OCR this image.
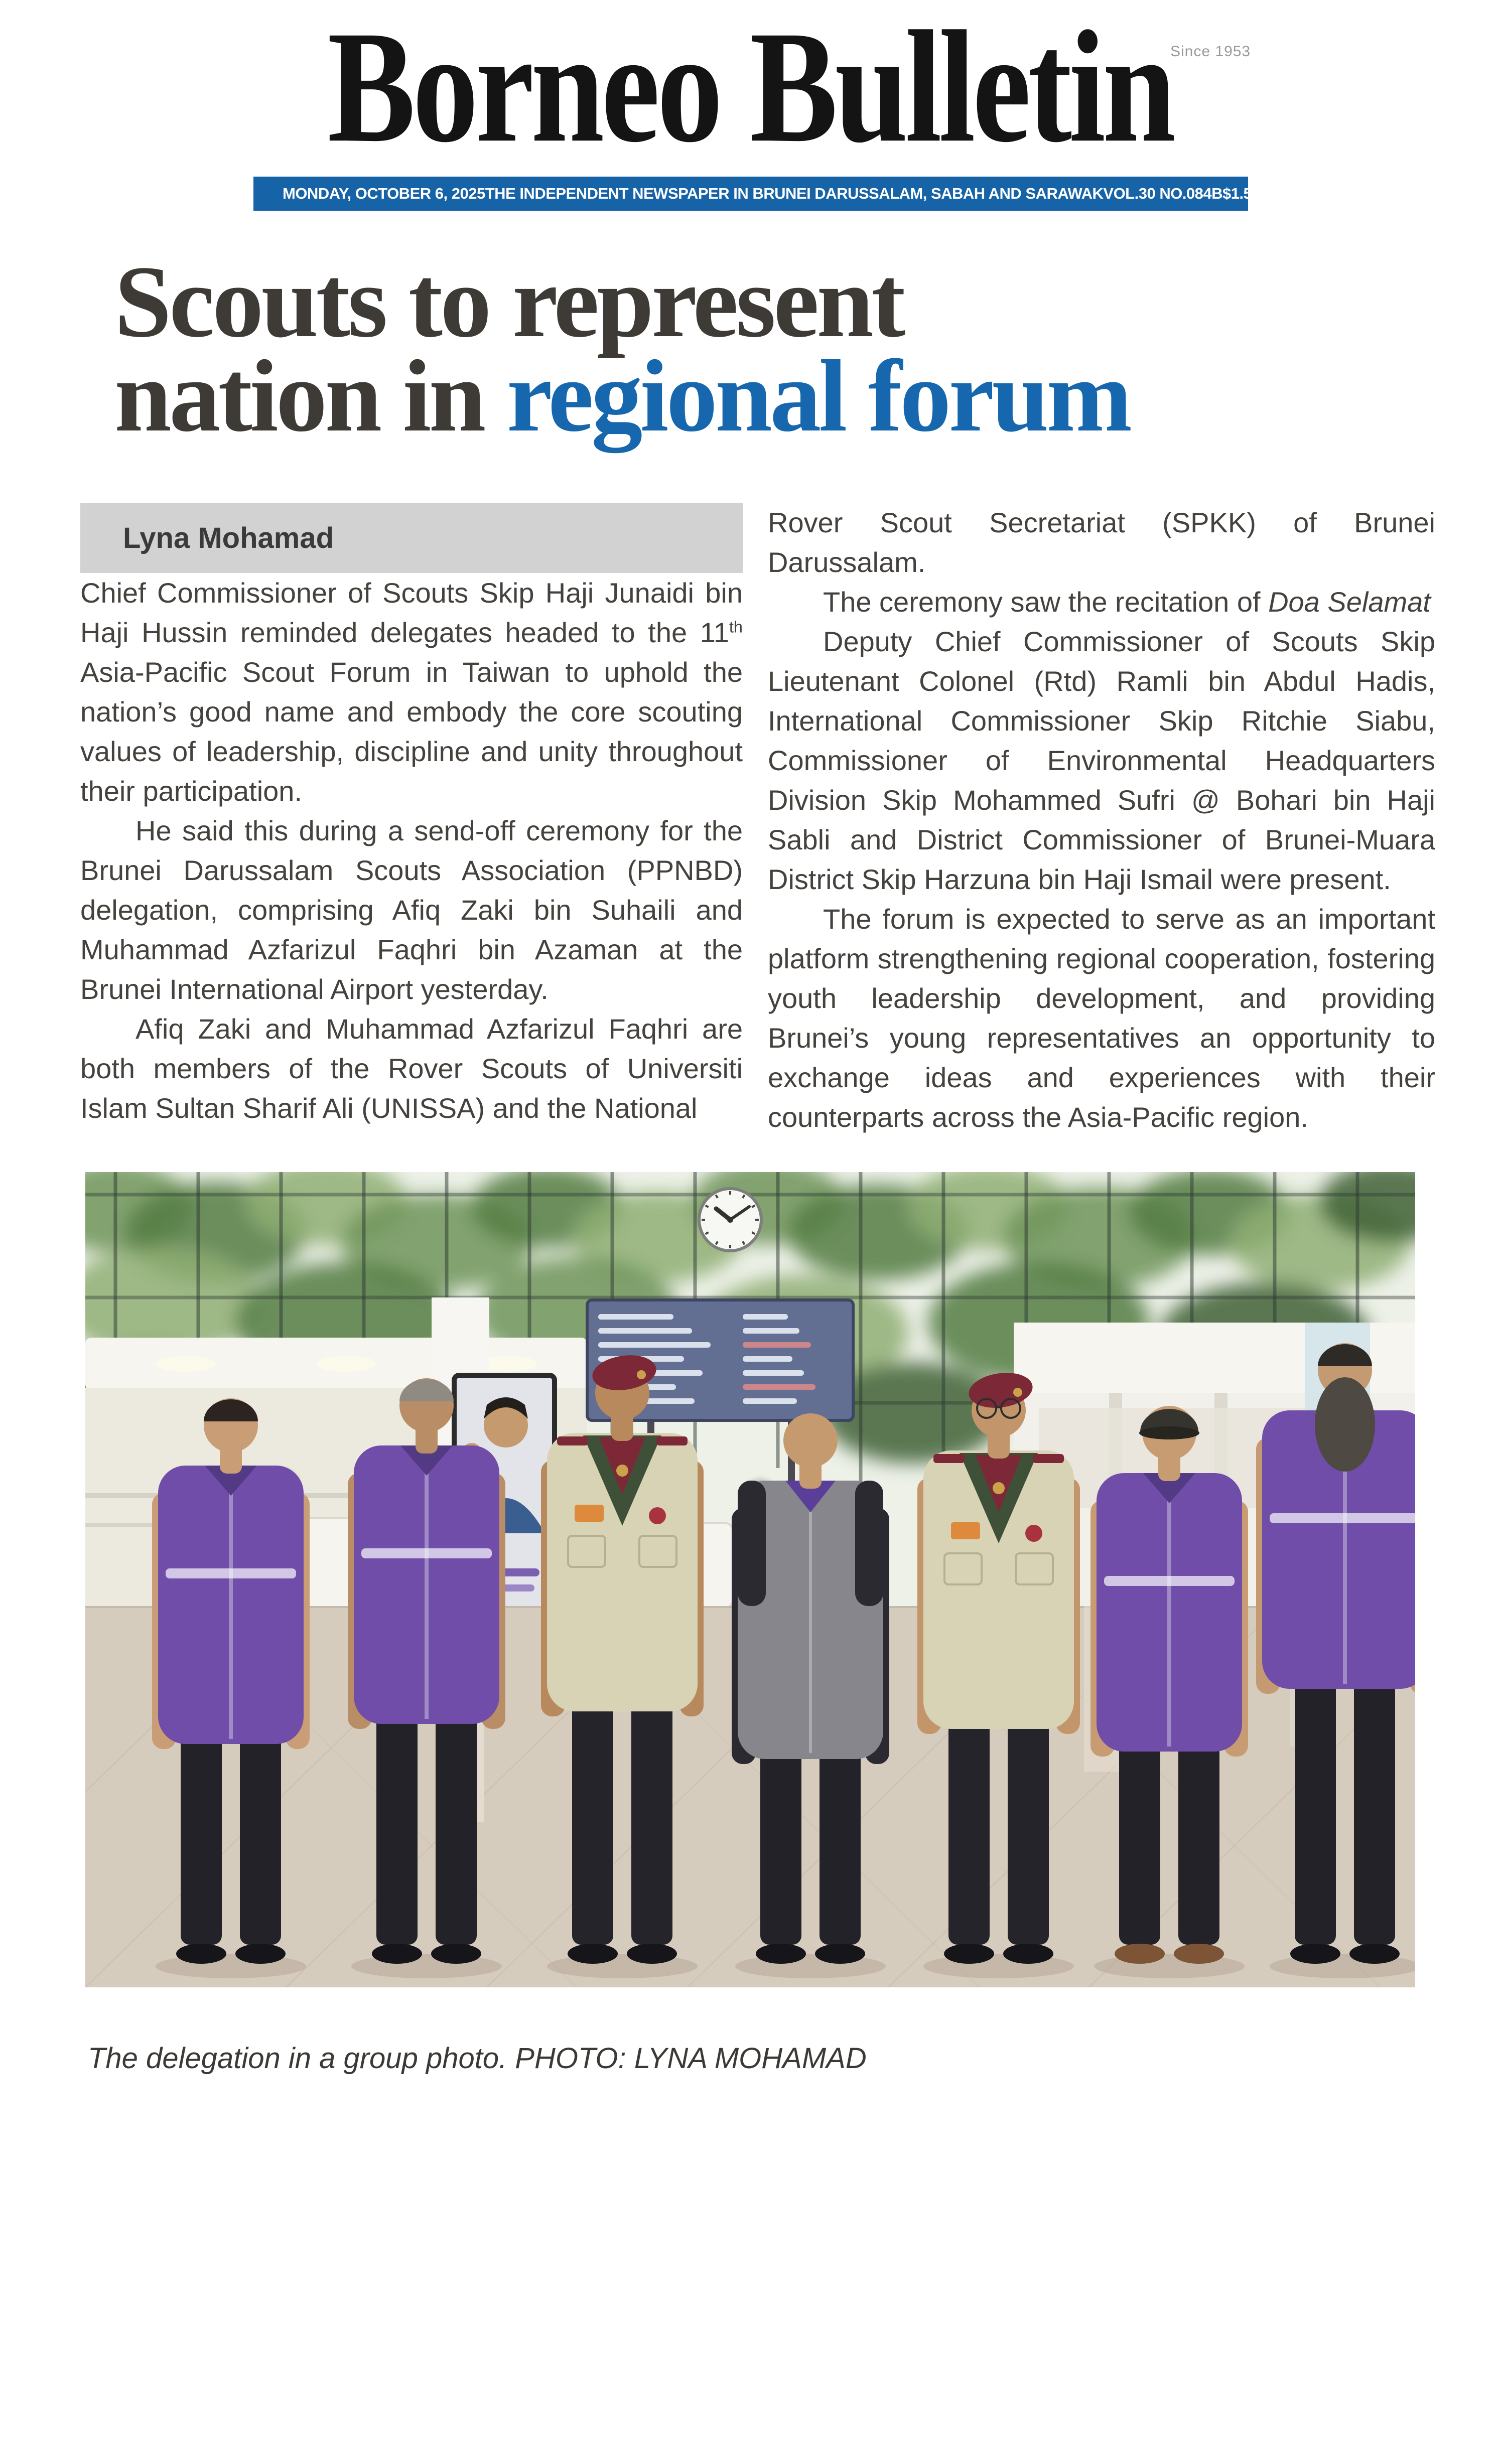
Borneo Bulletin
Since 1953
MONDAY, OCTOBER 6, 2025 THE INDEPENDENT NEWSPAPER IN BRUNEI DARUSSALAM, SABAH AND SARAWAK VOL.30 NO.084 B$1.50
Scouts to represent
nation in regional forum
Lyna Mohamad

Chief Commissioner of Scouts Skip Haji Junaidi bin Haji Hussin reminded delegates headed to the 11th Asia-Pacific Scout Forum in Taiwan to uphold the nation’s good name and embody the core scouting values of leadership, discipline and unity throughout their participation.

He said this during a send-off ceremony for the Brunei Darussalam Scouts Association (PPNBD) delegation, comprising Afiq Zaki bin Suhaili and Muhammad Azfarizul Faqhri bin Azaman at the Brunei International Airport yesterday.

Afiq Zaki and Muhammad Azfarizul Faqhri are both members of the Rover Scouts of Universiti Islam Sultan Sharif Ali (UNISSA) and the National

Rover Scout Secretariat (SPKK) of Brunei Darussalam.

The ceremony saw the recitation of Doa Selamat

Deputy Chief Commissioner of Scouts Skip Lieutenant Colonel (Rtd) Ramli bin Abdul Hadis, International Commissioner Skip Ritchie Siabu, Commissioner of Environmental Headquarters Division Skip Mohammed Sufri @ Bohari bin Haji Sabli and District Commissioner of Brunei-Muara District Skip Harzuna bin Haji Ismail were present.

The forum is expected to serve as an important platform strengthening regional cooperation, fostering youth leadership development, and providing Brunei’s young representatives an opportunity to exchange ideas and experiences with their counterparts across the Asia-Pacific region.

The delegation in a group photo. PHOTO: LYNA MOHAMAD
